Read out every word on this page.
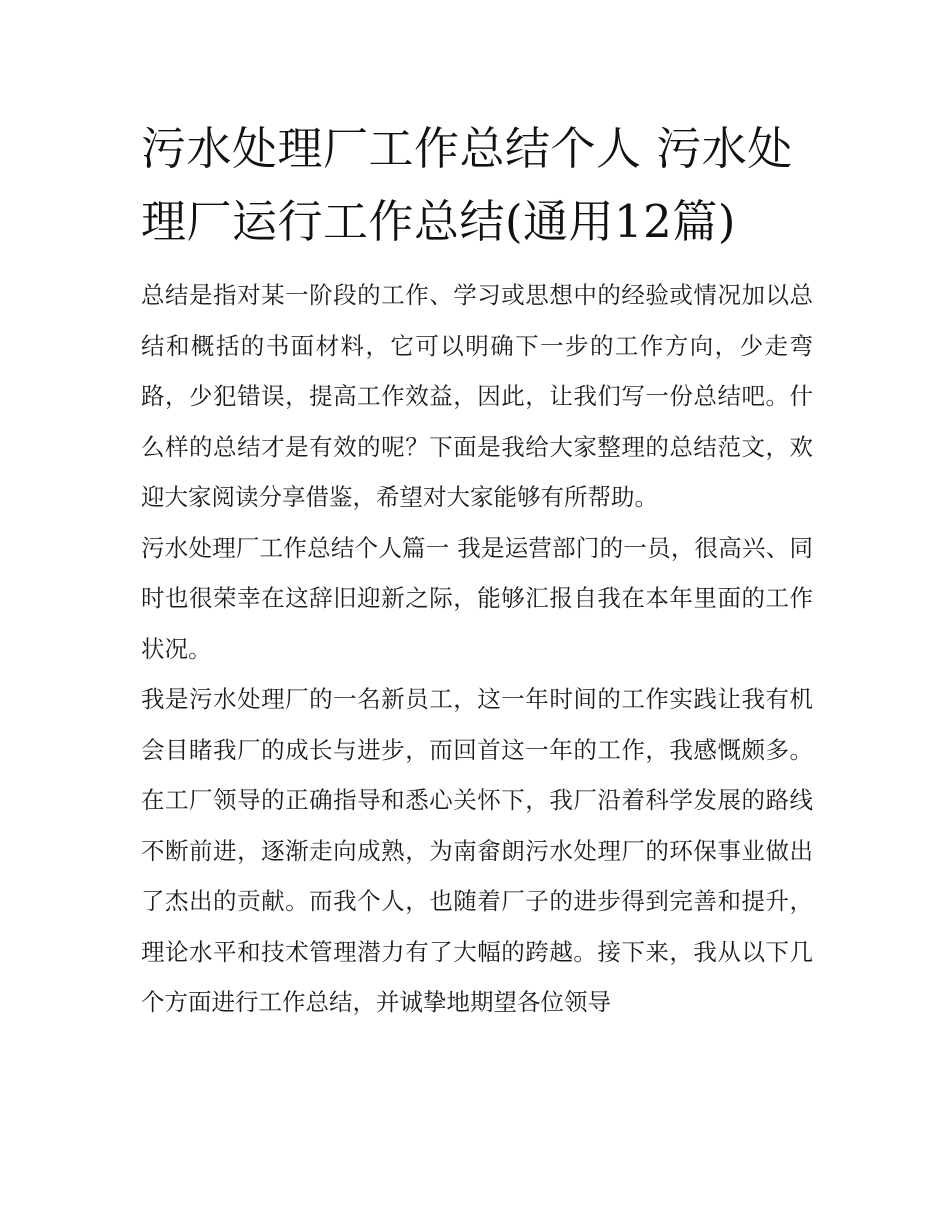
污水处理厂工作总结个人 污水处理厂运行工作总结(通用12篇)

总结是指对某一阶段的工作、学习或思想中的经验或情况加以总结和概括的书面材料，它可以明确下一步的工作方向，少走弯路，少犯错误，提高工作效益，因此，让我们写一份总结吧。什么样的总结才是有效的呢？下面是我给大家整理的总结范文，欢迎大家阅读分享借鉴，希望对大家能够有所帮助。

污水处理厂工作总结个人篇一 我是运营部门的一员，很高兴、同时也很荣幸在这辞旧迎新之际，能够汇报自我在本年里面的工作状况。

我是污水处理厂的一名新员工，这一年时间的工作实践让我有机会目睹我厂的成长与进步，而回首这一年的工作，我感慨颇多。在工厂领导的正确指导和悉心关怀下，我厂沿着科学发展的路线不断前进，逐渐走向成熟，为南畲朗污水处理厂的环保事业做出了杰出的贡献。而我个人，也随着厂子的进步得到完善和提升，理论水平和技术管理潜力有了大幅的跨越。接下来，我从以下几个方面进行工作总结，并诚挚地期望各位领导
